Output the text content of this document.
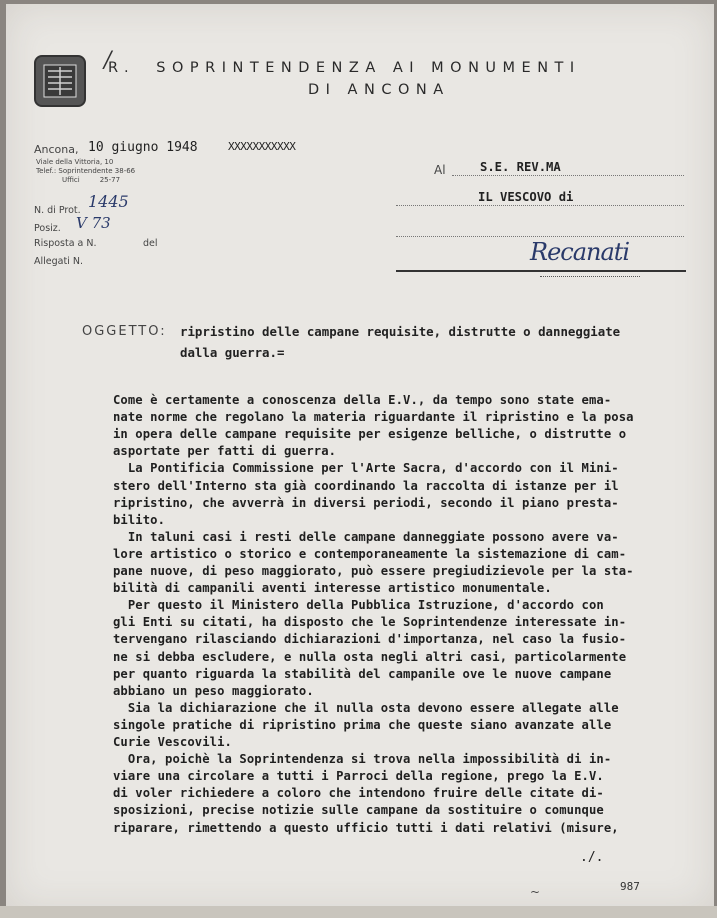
/
R. SOPRINTENDENZA AI MONUMENTI
DI ANCONA
Ancona, 10 giugno 1948	XXXXXXXXXXX
Viale della Vittoria, 10
Telef.: Soprintendente 38-66
Uffici         25-77
N. di Prot. 1445
Posiz. V 73
Risposta a N.	del
Allegati N.
Al	S.E. REV.MA
IL VESCOVO di
Recanati
OGGETTO: ripristino delle campane requisite, distrutte o danneggiate
dalla guerra.=
Come è certamente a conoscenza della E.V., da tempo sono state ema-
nate norme che regolano la materia riguardante il ripristino e la posa
in opera delle campane requisite per esigenze belliche, o distrutte o
asportate per fatti di guerra.
La Pontificia Commissione per l'Arte Sacra, d'accordo con il Mini-
stero dell'Interno sta già coordinando la raccolta di istanze per il
ripristino, che avverrà in diversi periodi, secondo il piano presta-
bilito.
In taluni casi i resti delle campane danneggiate possono avere va-
lore artistico o storico e contemporaneamente la sistemazione di cam-
pane nuove, di peso maggiorato, può essere pregiudizievole per la sta-
bilità di campanili aventi interesse artistico monumentale.
Per questo il Ministero della Pubblica Istruzione, d'accordo con
gli Enti su citati, ha disposto che le Soprintendenze interessate in-
tervengano rilasciando dichiarazioni d'importanza, nel caso la fusio-
ne si debba escludere, e nulla osta negli altri casi, particolarmente
per quanto riguarda la stabilità del campanile ove le nuove campane
abbiano un peso maggiorato.
Sia la dichiarazione che il nulla osta devono essere allegate alle
singole pratiche di ripristino prima che queste siano avanzate alle
Curie Vescovili.
Ora, poichè la Soprintendenza si trova nella impossibilità di in-
viare una circolare a tutti i Parroci della regione, prego la E.V.
di voler richiedere a coloro che intendono fruire delle citate di-
sposizioni, precise notizie sulle campane da sostituire o comunque
riparare, rimettendo a questo ufficio tutti i dati relativi (misure,
./.
~	987
